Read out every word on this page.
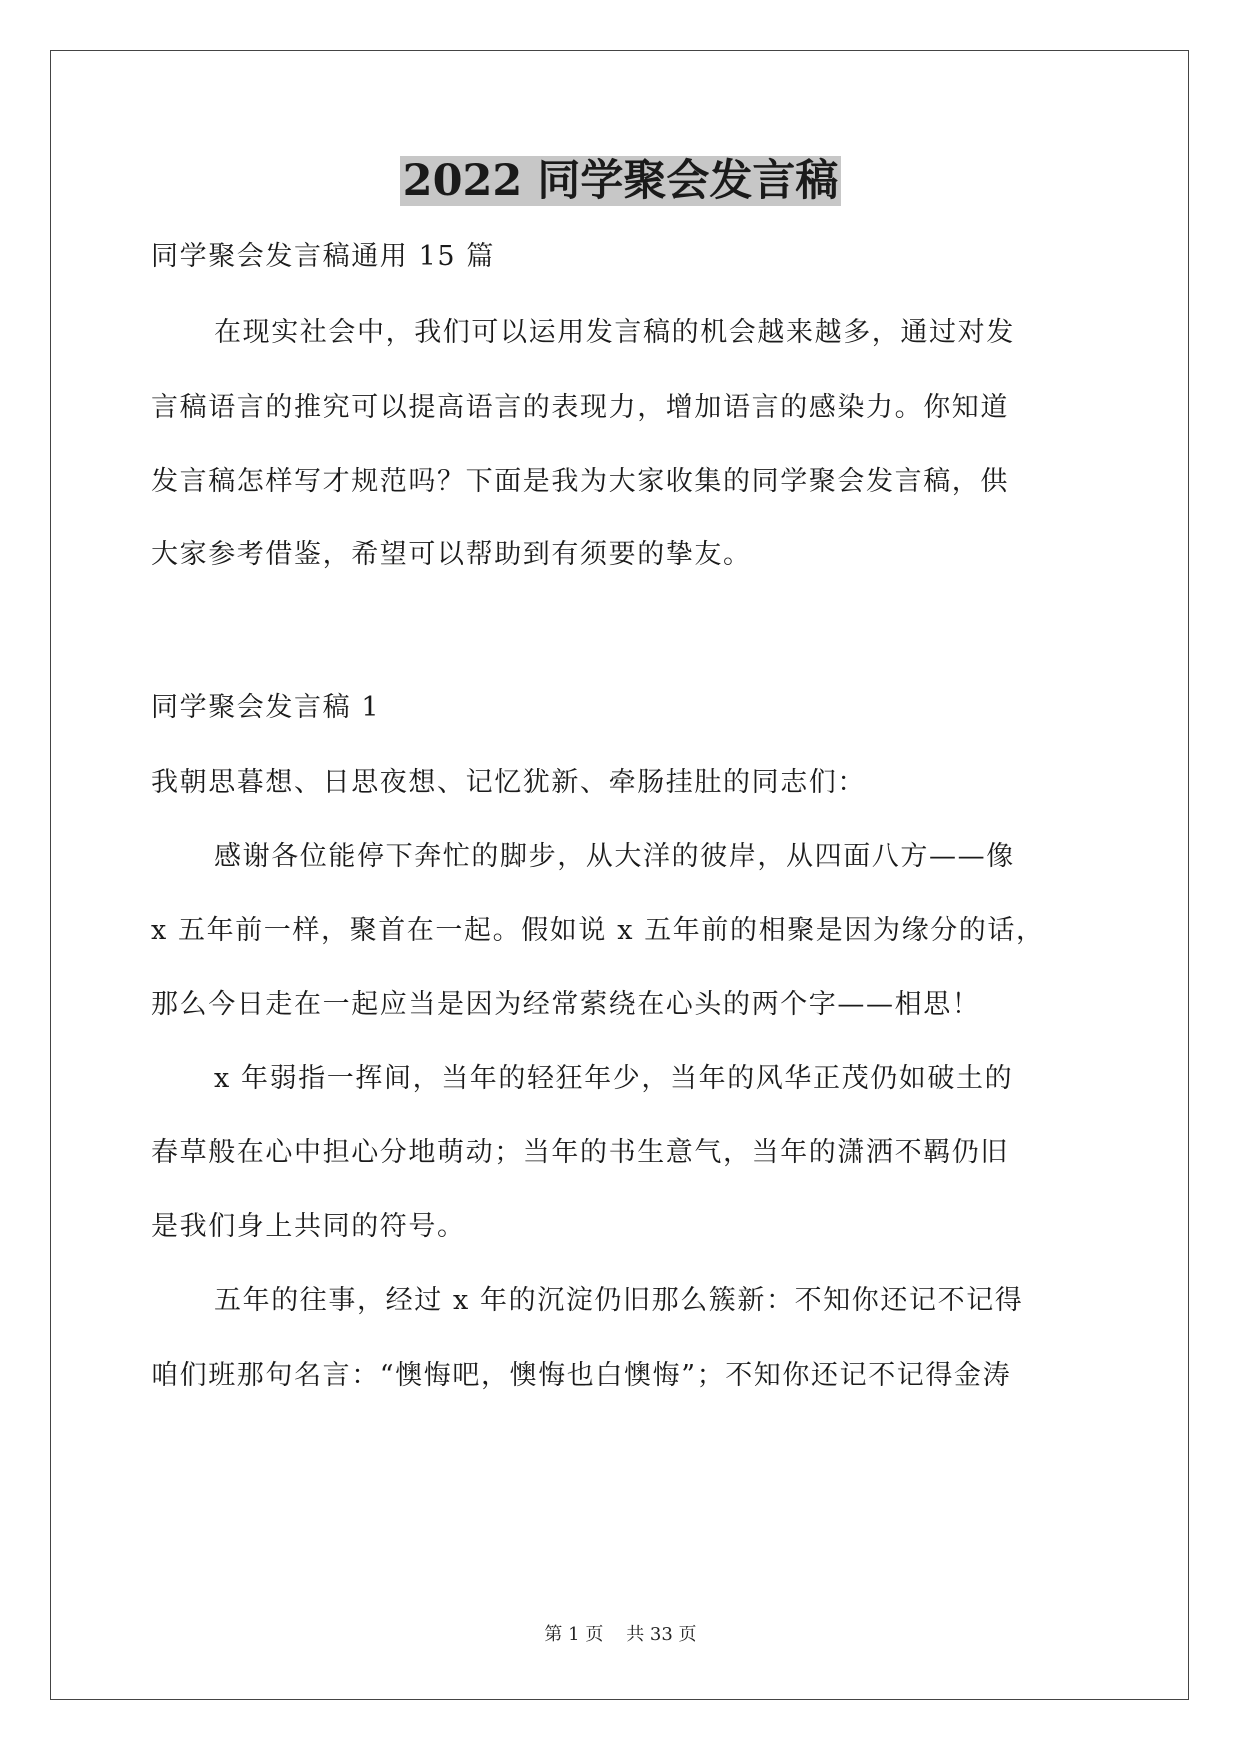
2022 同学聚会发言稿
同学聚会发言稿通用 15 篇
在现实社会中，我们可以运用发言稿的机会越来越多，通过对发
言稿语言的推究可以提高语言的表现力，增加语言的感染力。你知道
发言稿怎样写才规范吗？下面是我为大家收集的同学聚会发言稿，供
大家参考借鉴，希望可以帮助到有须要的挚友。
同学聚会发言稿 1
我朝思暮想、日思夜想、记忆犹新、牵肠挂肚的同志们：
感谢各位能停下奔忙的脚步，从大洋的彼岸，从四面八方——像
x 五年前一样，聚首在一起。假如说 x 五年前的相聚是因为缘分的话，
那么今日走在一起应当是因为经常萦绕在心头的两个字——相思！
x 年弱指一挥间，当年的轻狂年少，当年的风华正茂仍如破土的
春草般在心中担心分地萌动；当年的书生意气，当年的潇洒不羁仍旧
是我们身上共同的符号。
五年的往事，经过 x 年的沉淀仍旧那么簇新：不知你还记不记得
咱们班那句名言：“懊悔吧，懊悔也白懊悔”；不知你还记不记得金涛
第 1 页    共 33 页
